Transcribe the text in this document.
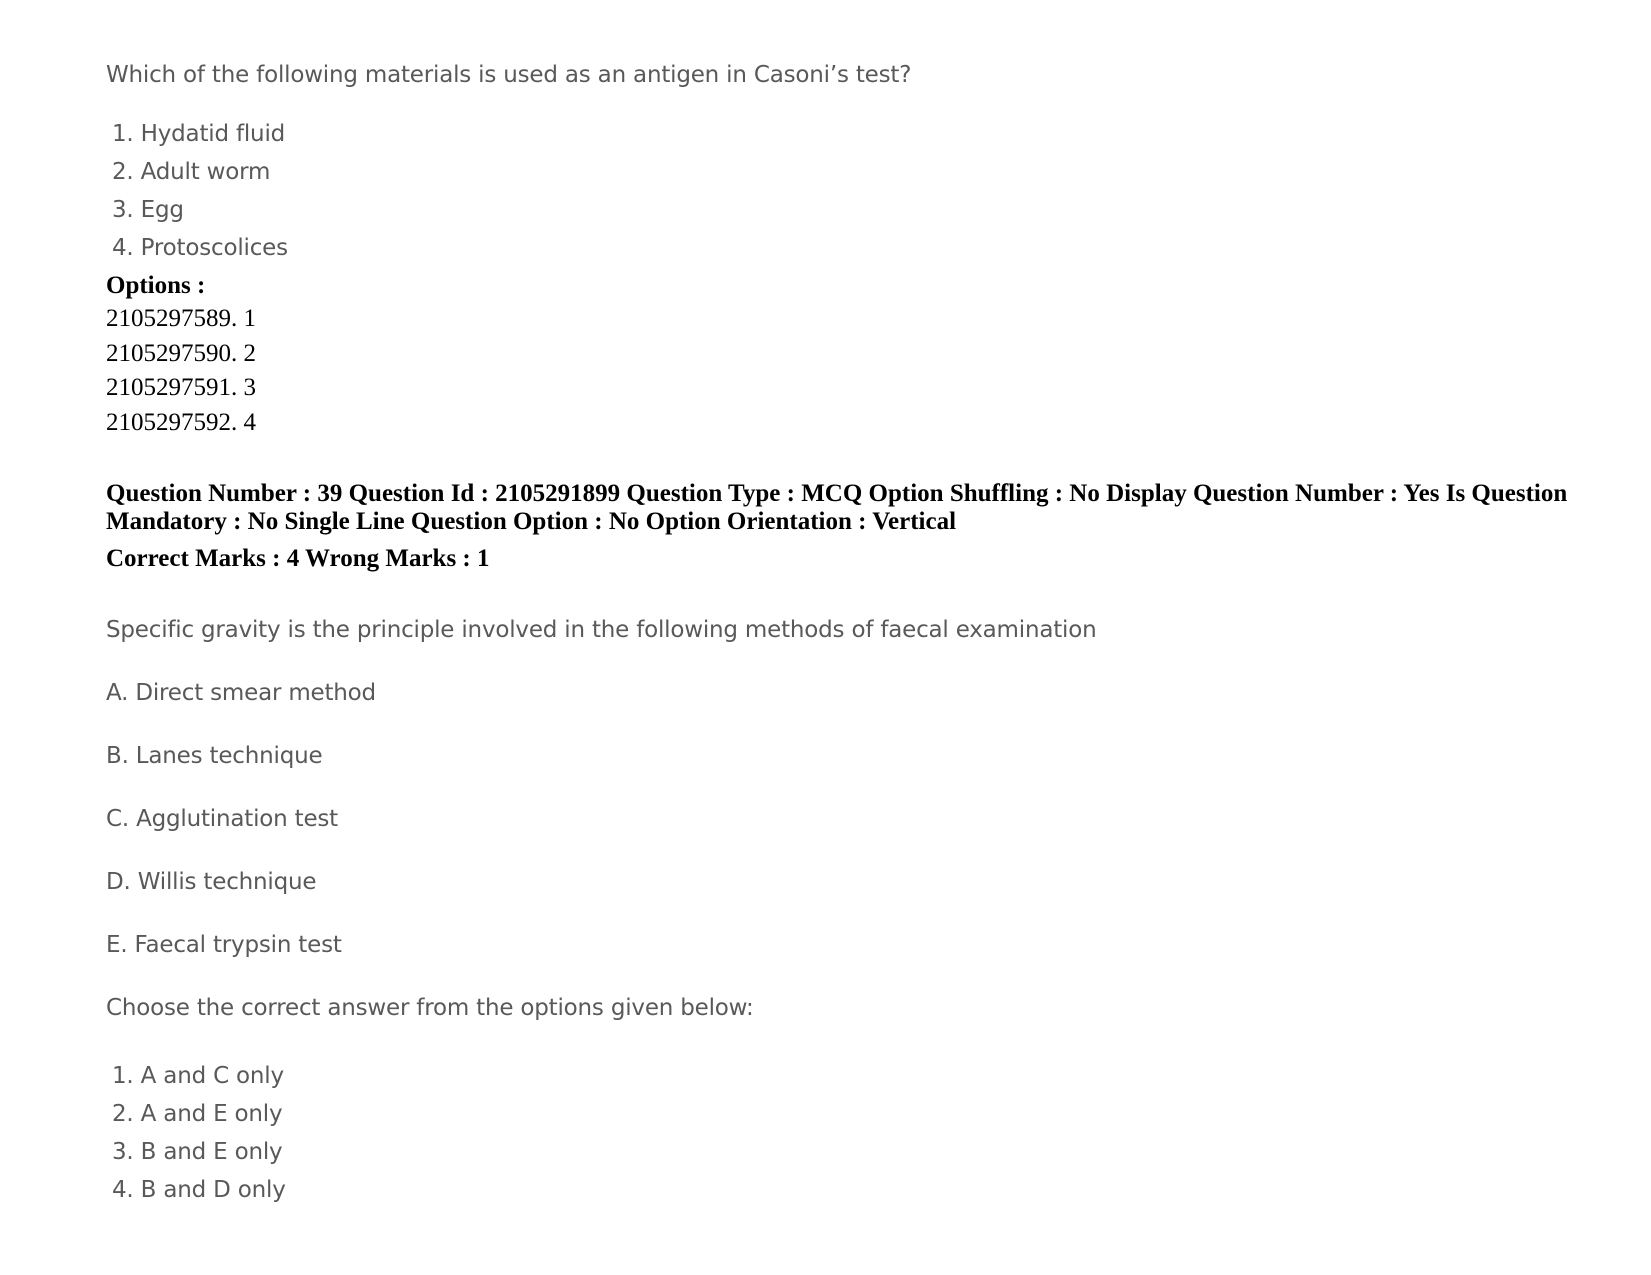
Which of the following materials is used as an antigen in Casoni’s test?
1. Hydatid fluid
2. Adult worm
3. Egg
4. Protoscolices
Options :
2105297589. 1
2105297590. 2
2105297591. 3
2105297592. 4
Question Number : 39 Question Id : 2105291899 Question Type : MCQ Option Shuffling : No Display Question Number : Yes Is Question Mandatory : No Single Line Question Option : No Option Orientation : Vertical
Correct Marks : 4 Wrong Marks : 1
Specific gravity is the principle involved in the following methods of faecal examination
A. Direct smear method
B. Lanes technique
C. Agglutination test
D. Willis technique
E. Faecal trypsin test
Choose the correct answer from the options given below:
1. A and C only
2. A and E only
3. B and E only
4. B and D only
